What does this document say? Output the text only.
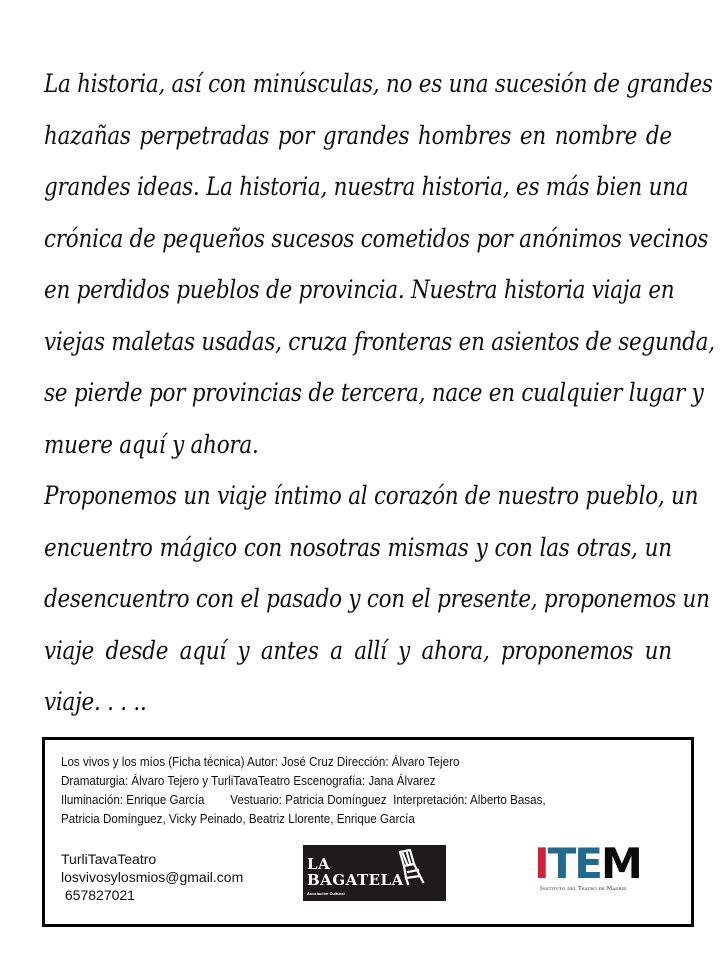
La historia, así con minúsculas, no es una sucesión de grandes
hazañas perpetradas por grandes hombres en nombre de
grandes ideas. La historia, nuestra historia, es más bien una
crónica de pequeños sucesos cometidos por anónimos vecinos
en perdidos pueblos de provincia. Nuestra historia viaja en
viejas maletas usadas, cruza fronteras en asientos de segunda,
se pierde por provincias de tercera, nace en cualquier lugar y
muere aquí y ahora.
Proponemos un viaje íntimo al corazón de nuestro pueblo, un
encuentro mágico con nosotras mismas y con las otras, un
desencuentro con el pasado y con el presente, proponemos un
viaje desde aquí y antes a allí y ahora, proponemos un
viaje. . . ..
Los vivos y los míos (Ficha técnica) Autor: José Cruz Dirección: Álvaro Tejero
Dramaturgia: Álvaro Tejero y TurliTavaTeatro Escenografía: Jana Álvarez
Iluminación: Enrique García        Vestuario: Patricia Domínguez  Interpretación: Alberto Basas,
Patricia Domínguez, Vicky Peinado, Beatriz Llorente, Enrique García
TurliTavaTeatro
losvivosylosmios@gmail.com
657827021
LA
BAGATELA
Asociación Cultural
I T E M
Instituto del Teatro de Madrid
